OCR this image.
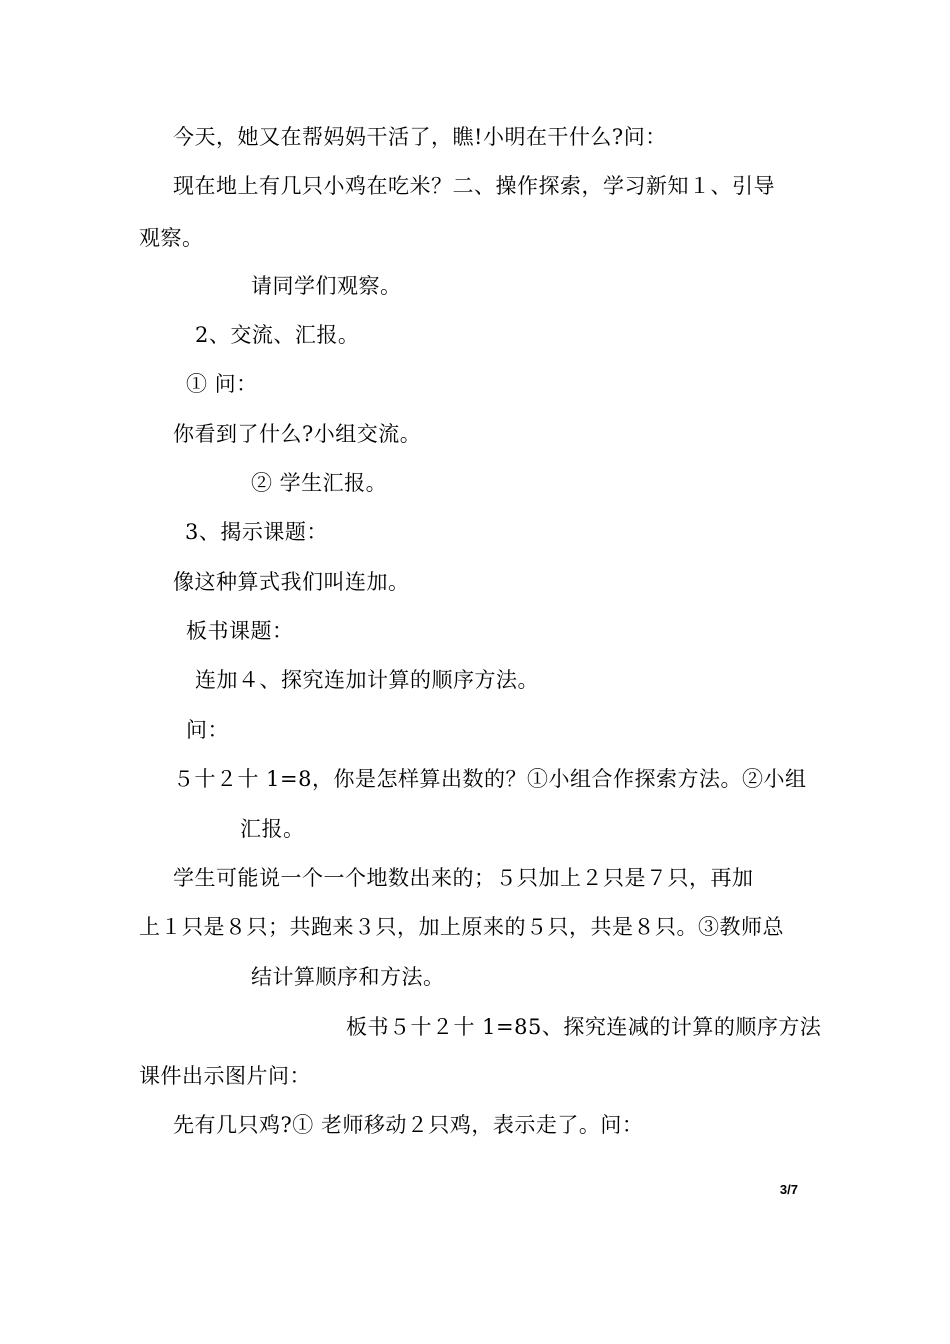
今天，她又在帮妈妈干活了，瞧!小明在干什么?问：
现在地上有几只小鸡在吃米？二、操作探索，学习新知１、引导
观察。
请同学们观察。
2、交流、汇报。
① 问：
你看到了什么?小组交流。
② 学生汇报。
3、揭示课题：
像这种算式我们叫连加。
板书课题：
连加４、探究连加计算的顺序方法。
问：
５十２十 1=8，你是怎样算出数的？①小组合作探索方法。②小组
汇报。
学生可能说一个一个地数出来的；５只加上２只是７只，再加
上１只是８只；共跑来３只，加上原来的５只，共是８只。③教师总
结计算顺序和方法。
板书５十２十 1=85、探究连减的计算的顺序方法
课件出示图片问：
先有几只鸡?① 老师移动２只鸡，表示走了。问：
3/7
